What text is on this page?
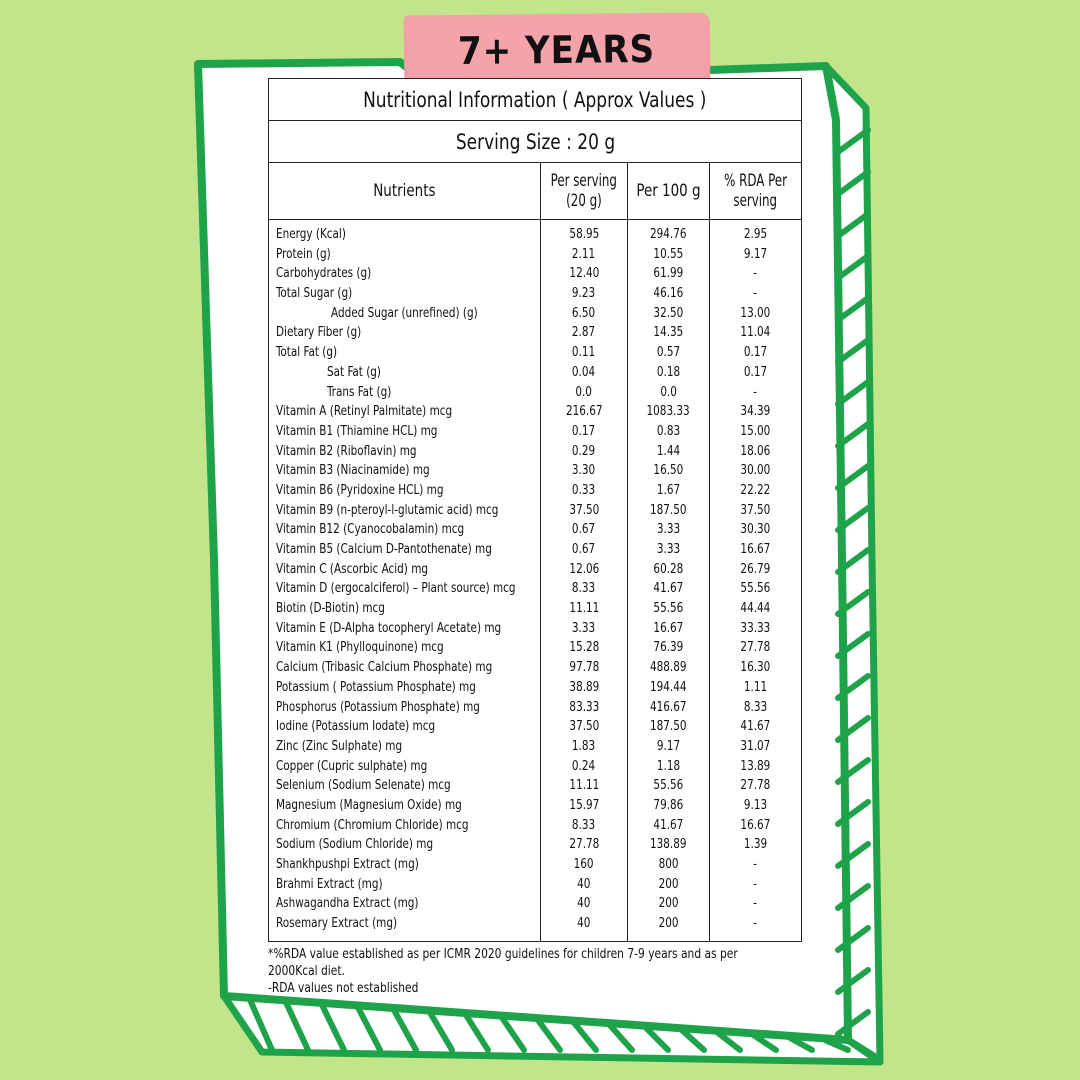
7+ YEARS
Nutritional Information ( Approx Values )
Serving Size : 20 g
Nutrients	Per serving
(20 g)	Per 100 g % RDA Per
serving
Energy (Kcal)
Protein (g)
Carbohydrates (g)
Total Sugar (g)
Added Sugar (unrefined) (g)
Dietary Fiber (g)
Total Fat (g)
Sat Fat (g)
Trans Fat (g)
Vitamin A (Retinyl Palmitate) mcg
Vitamin B1 (Thiamine HCL) mg
Vitamin B2 (Riboflavin) mg
Vitamin B3 (Niacinamide) mg
Vitamin B6 (Pyridoxine HCL) mg
Vitamin B9 (n-pteroyl-l-glutamic acid) mcg
Vitamin B12 (Cyanocobalamin) mcg
Vitamin B5 (Calcium D-Pantothenate) mg
Vitamin C (Ascorbic Acid) mg
Vitamin D (ergocalciferol) – Plant source) mcg
Biotin (D-Biotin) mcg
Vitamin E (D-Alpha tocopheryl Acetate) mg
Vitamin K1 (Phylloquinone) mcg
Calcium (Tribasic Calcium Phosphate) mg
Potassium ( Potassium Phosphate) mg
Phosphorus (Potassium Phosphate) mg
Iodine (Potassium Iodate) mcg
Zinc (Zinc Sulphate) mg
Copper (Cupric sulphate) mg
Selenium (Sodium Selenate) mcg
Magnesium (Magnesium Oxide) mg
Chromium (Chromium Chloride) mcg
Sodium (Sodium Chloride) mg
Shankhpushpi Extract (mg)
Brahmi Extract (mg)
Ashwagandha Extract (mg)
Rosemary Extract (mg)
58.95
2.11
12.40
9.23
6.50
2.87
0.11
0.04
0.0
216.67
0.17
0.29
3.30
0.33
37.50
0.67
0.67
12.06
8.33
11.11
3.33
15.28
97.78
38.89
83.33
37.50
1.83
0.24
11.11
15.97
8.33
27.78
160
40
40
40
294.76
10.55
61.99
46.16
32.50
14.35
0.57
0.18
0.0
1083.33
0.83
1.44
16.50
1.67
187.50
3.33
3.33
60.28
41.67
55.56
16.67
76.39
488.89
194.44
416.67
187.50
9.17
1.18
55.56
79.86
41.67
138.89
800
200
200
200
2.95
9.17
-
-
13.00
11.04
0.17
0.17
-
34.39
15.00
18.06
30.00
22.22
37.50
30.30
16.67
26.79
55.56
44.44
33.33
27.78
16.30
1.11
8.33
41.67
31.07
13.89
27.78
9.13
16.67
1.39
-
-
-
-
*%RDA value established as per ICMR 2020 guidelines for children 7-9 years and as per
2000Kcal diet.
-RDA values not established
